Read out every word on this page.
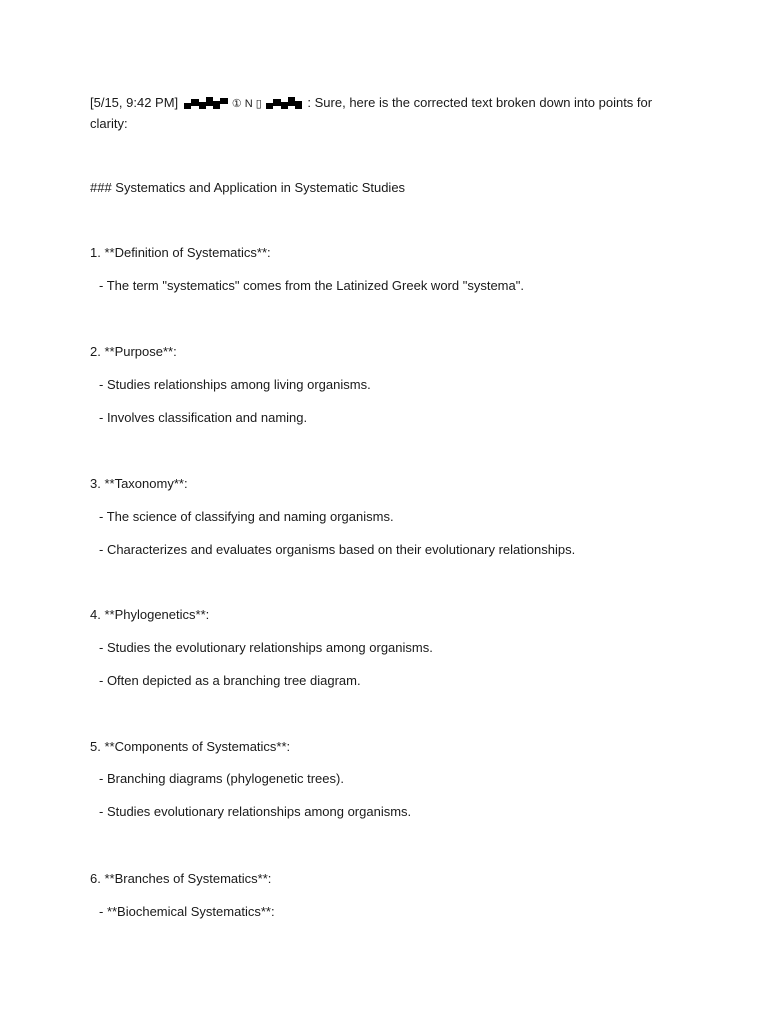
[5/15, 9:42 PM]	① N ▯	: Sure, here is the corrected text broken down into points for clarity:
### Systematics and Application in Systematic Studies
1. **Definition of Systematics**:
- The term "systematics" comes from the Latinized Greek word "systema".
2. **Purpose**:
- Studies relationships among living organisms.
- Involves classification and naming.
3. **Taxonomy**:
- The science of classifying and naming organisms.
- Characterizes and evaluates organisms based on their evolutionary relationships.
4. **Phylogenetics**:
- Studies the evolutionary relationships among organisms.
- Often depicted as a branching tree diagram.
5. **Components of Systematics**:
- Branching diagrams (phylogenetic trees).
- Studies evolutionary relationships among organisms.
6. **Branches of Systematics**:
- **Biochemical Systematics**:
